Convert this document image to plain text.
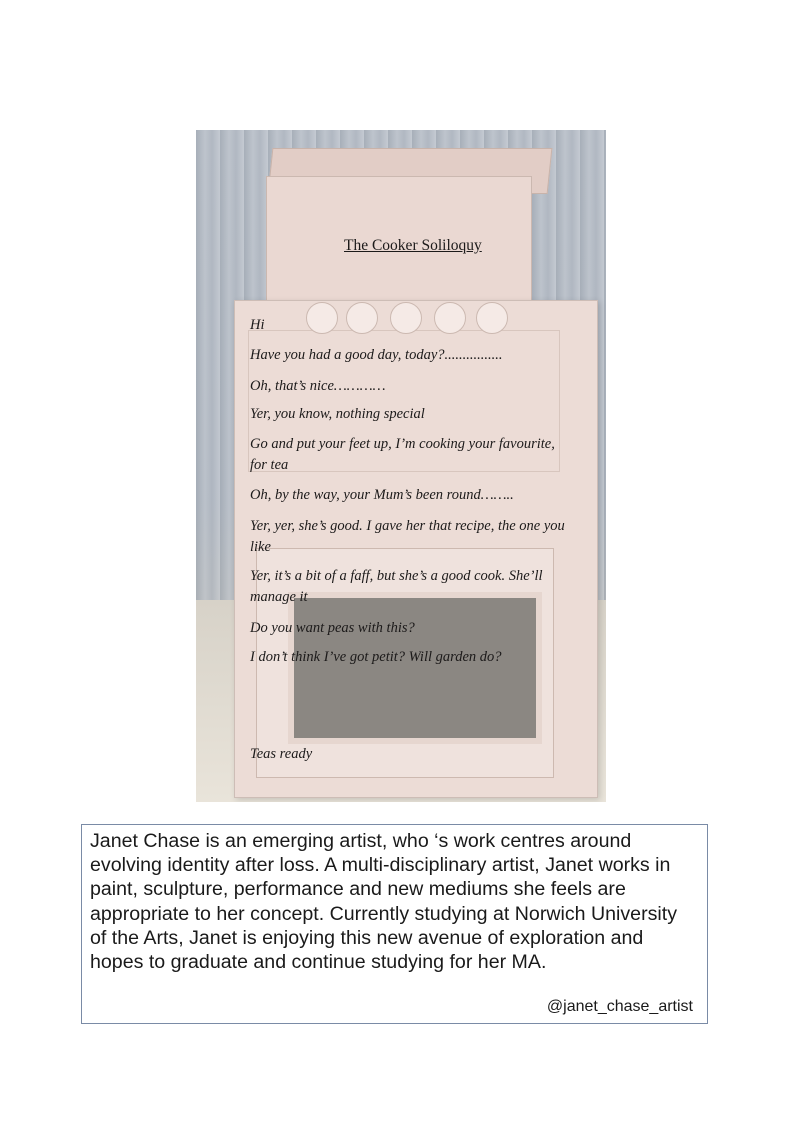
The Cooker Soliloquy
Hi
Have you had a good day, today?................
Oh, that’s nice…………
Yer, you know, nothing special
Go and put your feet up, I’m cooking your favourite,
for tea
Oh, by the way, your Mum’s been round……..
Yer, yer, she’s good. I gave her that recipe, the one you
like
Yer, it’s a bit of a faff, but she’s a good cook. She’ll
manage it
Do you want peas with this?
I don’t think I’ve got petit? Will garden do?
Teas ready
Janet Chase is an emerging artist, who ‘s work centres around evolving identity after loss. A multi-disciplinary artist, Janet works in paint, sculpture, performance and new mediums she feels are appropriate to her concept. Currently studying at Norwich University of the Arts, Janet is enjoying this new avenue of exploration and hopes to graduate and continue studying for her MA.
@janet_chase_artist
